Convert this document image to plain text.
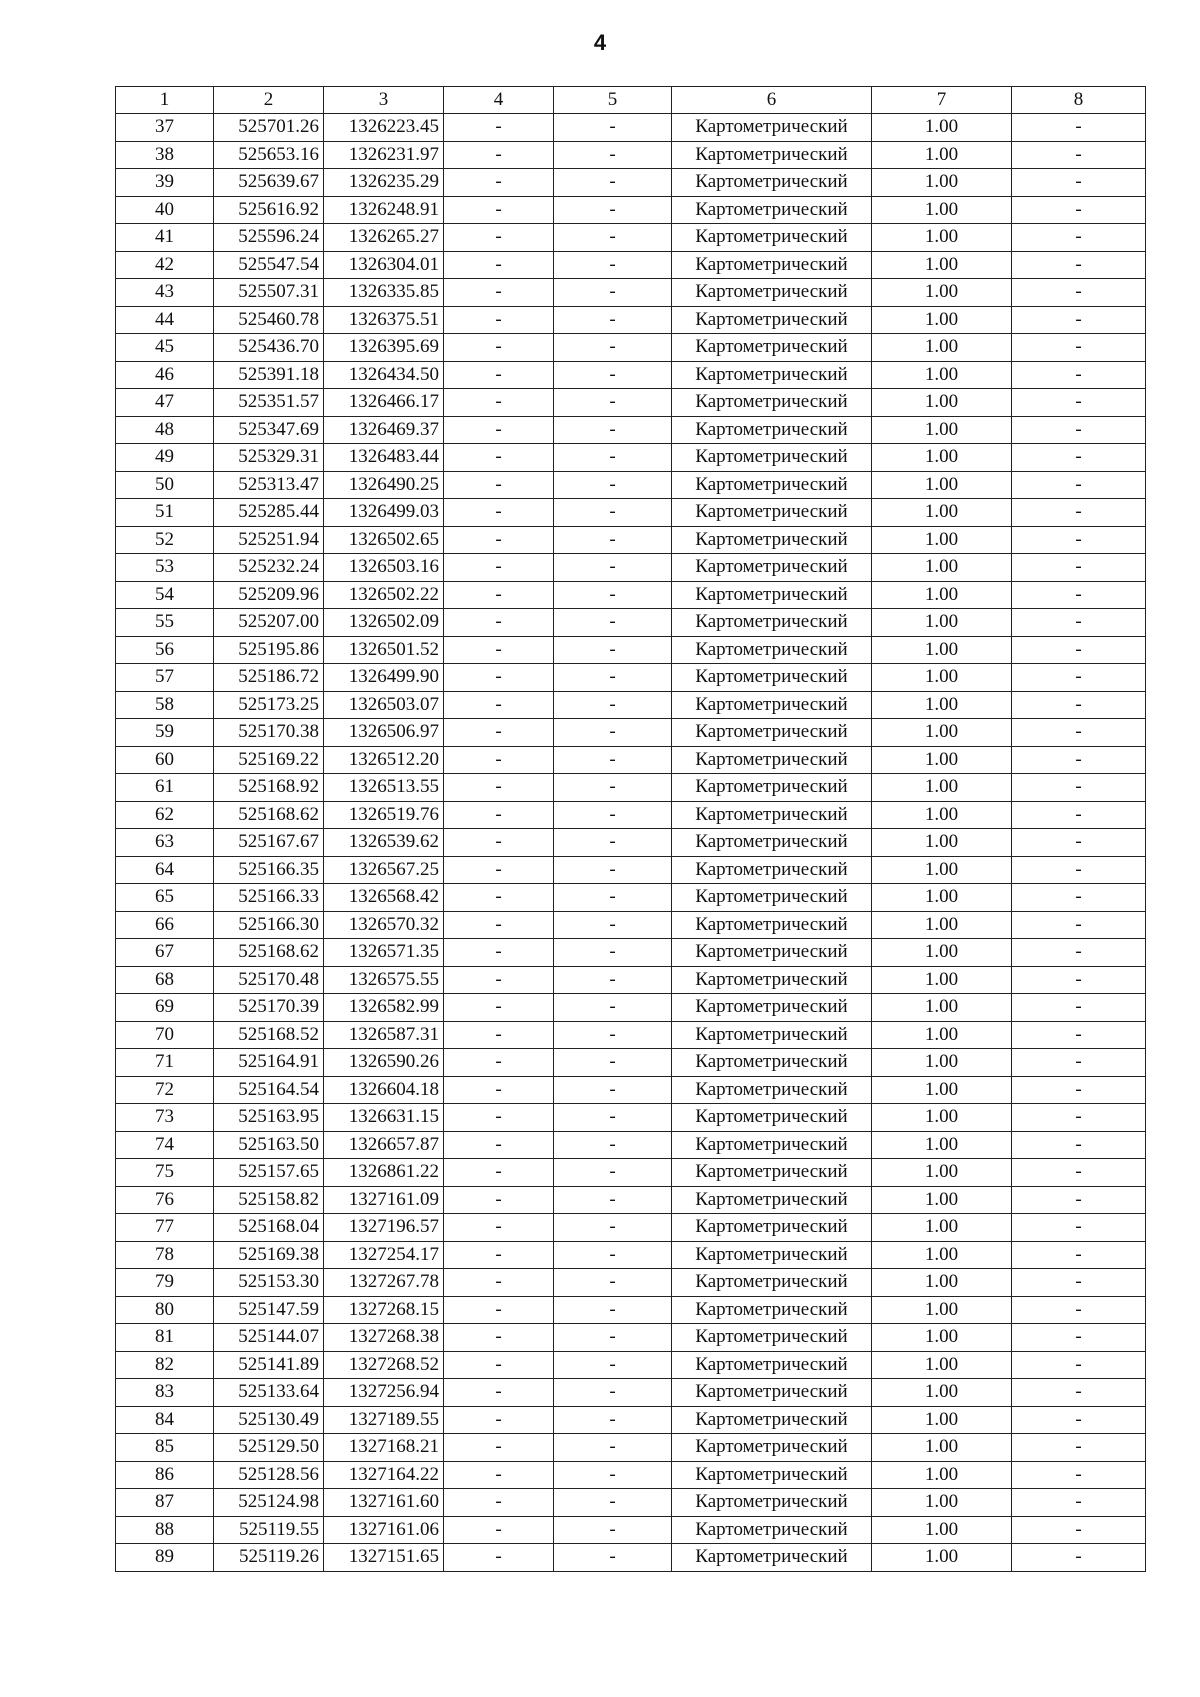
4
1	2	3	4	5	6	7	8
37	525701.26	1326223.45	-	-	Картометрический	1.00	-
38	525653.16	1326231.97	-	-	Картометрический	1.00	-
39	525639.67	1326235.29	-	-	Картометрический	1.00	-
40	525616.92	1326248.91	-	-	Картометрический	1.00	-
41	525596.24	1326265.27	-	-	Картометрический	1.00	-
42	525547.54	1326304.01	-	-	Картометрический	1.00	-
43	525507.31	1326335.85	-	-	Картометрический	1.00	-
44	525460.78	1326375.51	-	-	Картометрический	1.00	-
45	525436.70	1326395.69	-	-	Картометрический	1.00	-
46	525391.18	1326434.50	-	-	Картометрический	1.00	-
47	525351.57	1326466.17	-	-	Картометрический	1.00	-
48	525347.69	1326469.37	-	-	Картометрический	1.00	-
49	525329.31	1326483.44	-	-	Картометрический	1.00	-
50	525313.47	1326490.25	-	-	Картометрический	1.00	-
51	525285.44	1326499.03	-	-	Картометрический	1.00	-
52	525251.94	1326502.65	-	-	Картометрический	1.00	-
53	525232.24	1326503.16	-	-	Картометрический	1.00	-
54	525209.96	1326502.22	-	-	Картометрический	1.00	-
55	525207.00	1326502.09	-	-	Картометрический	1.00	-
56	525195.86	1326501.52	-	-	Картометрический	1.00	-
57	525186.72	1326499.90	-	-	Картометрический	1.00	-
58	525173.25	1326503.07	-	-	Картометрический	1.00	-
59	525170.38	1326506.97	-	-	Картометрический	1.00	-
60	525169.22	1326512.20	-	-	Картометрический	1.00	-
61	525168.92	1326513.55	-	-	Картометрический	1.00	-
62	525168.62	1326519.76	-	-	Картометрический	1.00	-
63	525167.67	1326539.62	-	-	Картометрический	1.00	-
64	525166.35	1326567.25	-	-	Картометрический	1.00	-
65	525166.33	1326568.42	-	-	Картометрический	1.00	-
66	525166.30	1326570.32	-	-	Картометрический	1.00	-
67	525168.62	1326571.35	-	-	Картометрический	1.00	-
68	525170.48	1326575.55	-	-	Картометрический	1.00	-
69	525170.39	1326582.99	-	-	Картометрический	1.00	-
70	525168.52	1326587.31	-	-	Картометрический	1.00	-
71	525164.91	1326590.26	-	-	Картометрический	1.00	-
72	525164.54	1326604.18	-	-	Картометрический	1.00	-
73	525163.95	1326631.15	-	-	Картометрический	1.00	-
74	525163.50	1326657.87	-	-	Картометрический	1.00	-
75	525157.65	1326861.22	-	-	Картометрический	1.00	-
76	525158.82	1327161.09	-	-	Картометрический	1.00	-
77	525168.04	1327196.57	-	-	Картометрический	1.00	-
78	525169.38	1327254.17	-	-	Картометрический	1.00	-
79	525153.30	1327267.78	-	-	Картометрический	1.00	-
80	525147.59	1327268.15	-	-	Картометрический	1.00	-
81	525144.07	1327268.38	-	-	Картометрический	1.00	-
82	525141.89	1327268.52	-	-	Картометрический	1.00	-
83	525133.64	1327256.94	-	-	Картометрический	1.00	-
84	525130.49	1327189.55	-	-	Картометрический	1.00	-
85	525129.50	1327168.21	-	-	Картометрический	1.00	-
86	525128.56	1327164.22	-	-	Картометрический	1.00	-
87	525124.98	1327161.60	-	-	Картометрический	1.00	-
88	525119.55	1327161.06	-	-	Картометрический	1.00	-
89	525119.26	1327151.65	-	-	Картометрический	1.00	-
